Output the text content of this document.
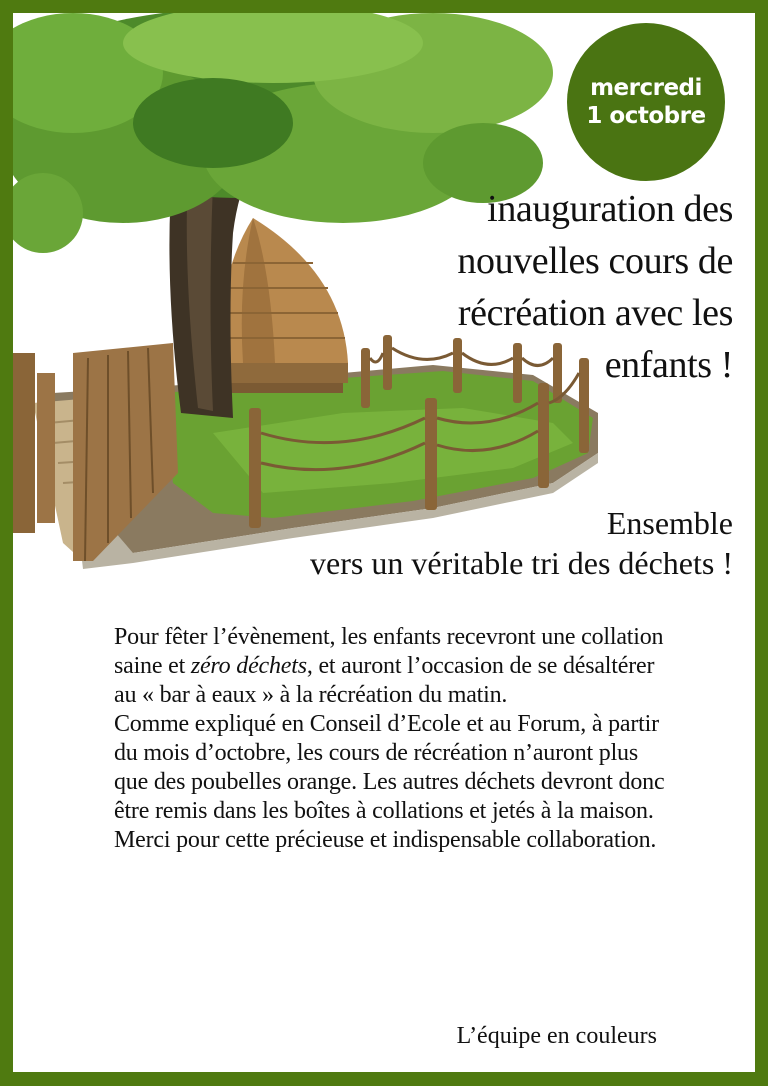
mercredi
1 octobre
inauguration des
nouvelles cours de
récréation avec les
enfants !
Ensemble
vers un véritable tri des déchets !

Pour fêter l’évènement, les enfants recevront une collation saine et zéro déchets, et auront l’occasion de se désaltérer au « bar à eaux » à la récréation du matin.

Comme expliqué en Conseil d’Ecole et au Forum, à partir du mois d’octobre, les cours de récréation n’auront plus que des poubelles orange. Les autres déchets devront donc être remis dans les boîtes à collations et jetés à la maison.

Merci pour cette précieuse et indispensable collaboration.

L’équipe en couleurs
